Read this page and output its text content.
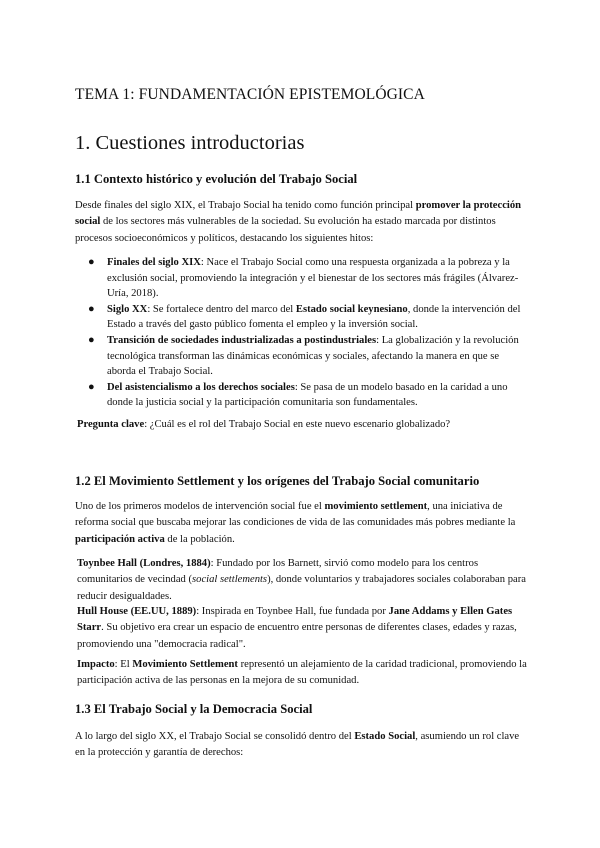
TEMA 1: FUNDAMENTACIÓN EPISTEMOLÓGICA
1. Cuestiones introductorias
1.1 Contexto histórico y evolución del Trabajo Social
Desde finales del siglo XIX, el Trabajo Social ha tenido como función principal promover la protección social de los sectores más vulnerables de la sociedad. Su evolución ha estado marcada por distintos procesos socioeconómicos y políticos, destacando los siguientes hitos:
● Finales del siglo XIX: Nace el Trabajo Social como una respuesta organizada a la pobreza y la exclusión social, promoviendo la integración y el bienestar de los sectores más frágiles (Álvarez-Uría, 2018).
● Siglo XX: Se fortalece dentro del marco del Estado social keynesiano, donde la intervención del Estado a través del gasto público fomenta el empleo y la inversión social.
● Transición de sociedades industrializadas a postindustriales: La globalización y la revolución tecnológica transforman las dinámicas económicas y sociales, afectando la manera en que se aborda el Trabajo Social.
● Del asistencialismo a los derechos sociales: Se pasa de un modelo basado en la caridad a uno donde la justicia social y la participación comunitaria son fundamentales.
Pregunta clave: ¿Cuál es el rol del Trabajo Social en este nuevo escenario globalizado?
1.2 El Movimiento Settlement y los orígenes del Trabajo Social comunitario
Uno de los primeros modelos de intervención social fue el movimiento settlement, una iniciativa de reforma social que buscaba mejorar las condiciones de vida de las comunidades más pobres mediante la participación activa de la población.
Toynbee Hall (Londres, 1884): Fundado por los Barnett, sirvió como modelo para los centros comunitarios de vecindad (social settlements), donde voluntarios y trabajadores sociales colaboraban para reducir desigualdades.
Hull House (EE.UU, 1889): Inspirada en Toynbee Hall, fue fundada por Jane Addams y Ellen Gates Starr. Su objetivo era crear un espacio de encuentro entre personas de diferentes clases, edades y razas, promoviendo una "democracia radical".
Impacto: El Movimiento Settlement representó un alejamiento de la caridad tradicional, promoviendo la participación activa de las personas en la mejora de su comunidad.
1.3 El Trabajo Social y la Democracia Social
A lo largo del siglo XX, el Trabajo Social se consolidó dentro del Estado Social, asumiendo un rol clave en la protección y garantía de derechos:
